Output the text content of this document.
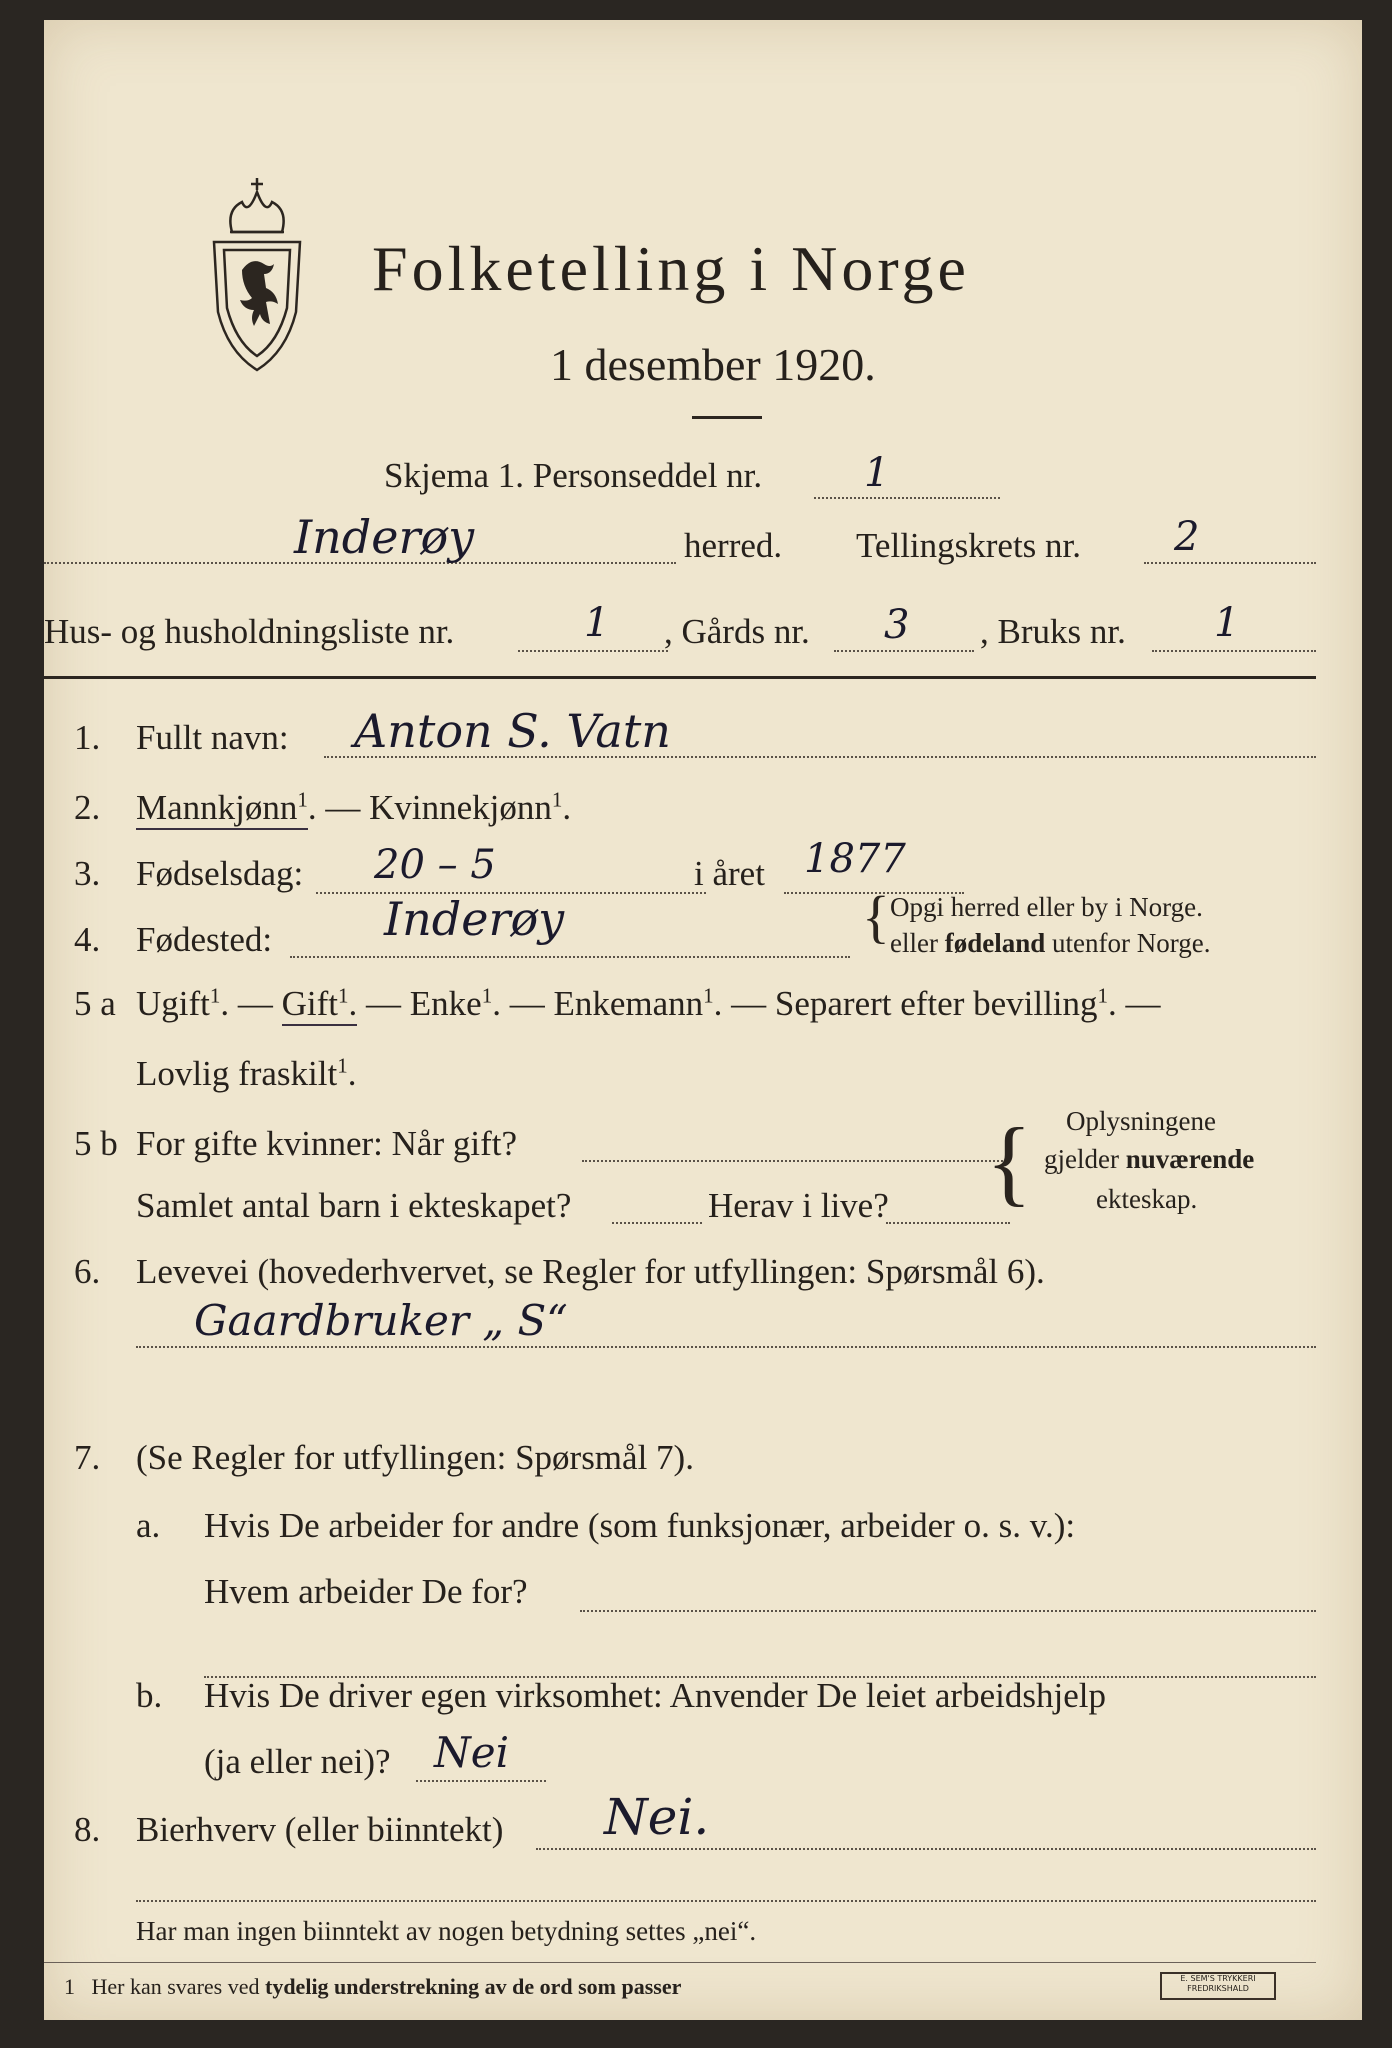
Folketelling i Norge
1 desember 1920.
Skjema 1. Personseddel nr.	1
Inderøy	herred. Tellingskrets nr. 2
Hus- og husholdningsliste nr.	1 , Gårds nr. 3 , Bruks nr. 1
1. Fullt navn: Anton S. Vatn
2. Mannkjønn$^1$. — Kvinnekjønn$^1$.
3. Fødselsdag: 20 – 5	i året 1877
4. Fødested: Inderøy	{ Opgi herred eller by i Norge.
eller fødeland utenfor Norge.
5 a Ugift$^1$. — Gift$^1$. — Enke$^1$. — Enkemann$^1$. — Separert efter bevilling$^1$. —
Lovlig fraskilt$^1$.
5 b For gifte kvinner: Når gift?
Samlet antal barn i ekteskapet?	Herav i live? { Oplysningene
gjelder nuværende
ekteskap.
6. Levevei (hovederhvervet, se Regler for utfyllingen: Spørsmål 6).
Gaardbruker „ S“
7. (Se Regler for utfyllingen: Spørsmål 7).
a. Hvis De arbeider for andre (som funksjonær, arbeider o. s. v.):
Hvem arbeider De for?
b. Hvis De driver egen virksomhet: Anvender De leiet arbeidshjelp
(ja eller nei)? Nei
8. Bierhverv (eller biinntekt) Nei.
Har man ingen biinntekt av nogen betydning settes „nei“.
1 Her kan svares ved tydelig understrekning av de ord som passer	E. SEM'S TRYKKERI
FREDRIKSHALD
